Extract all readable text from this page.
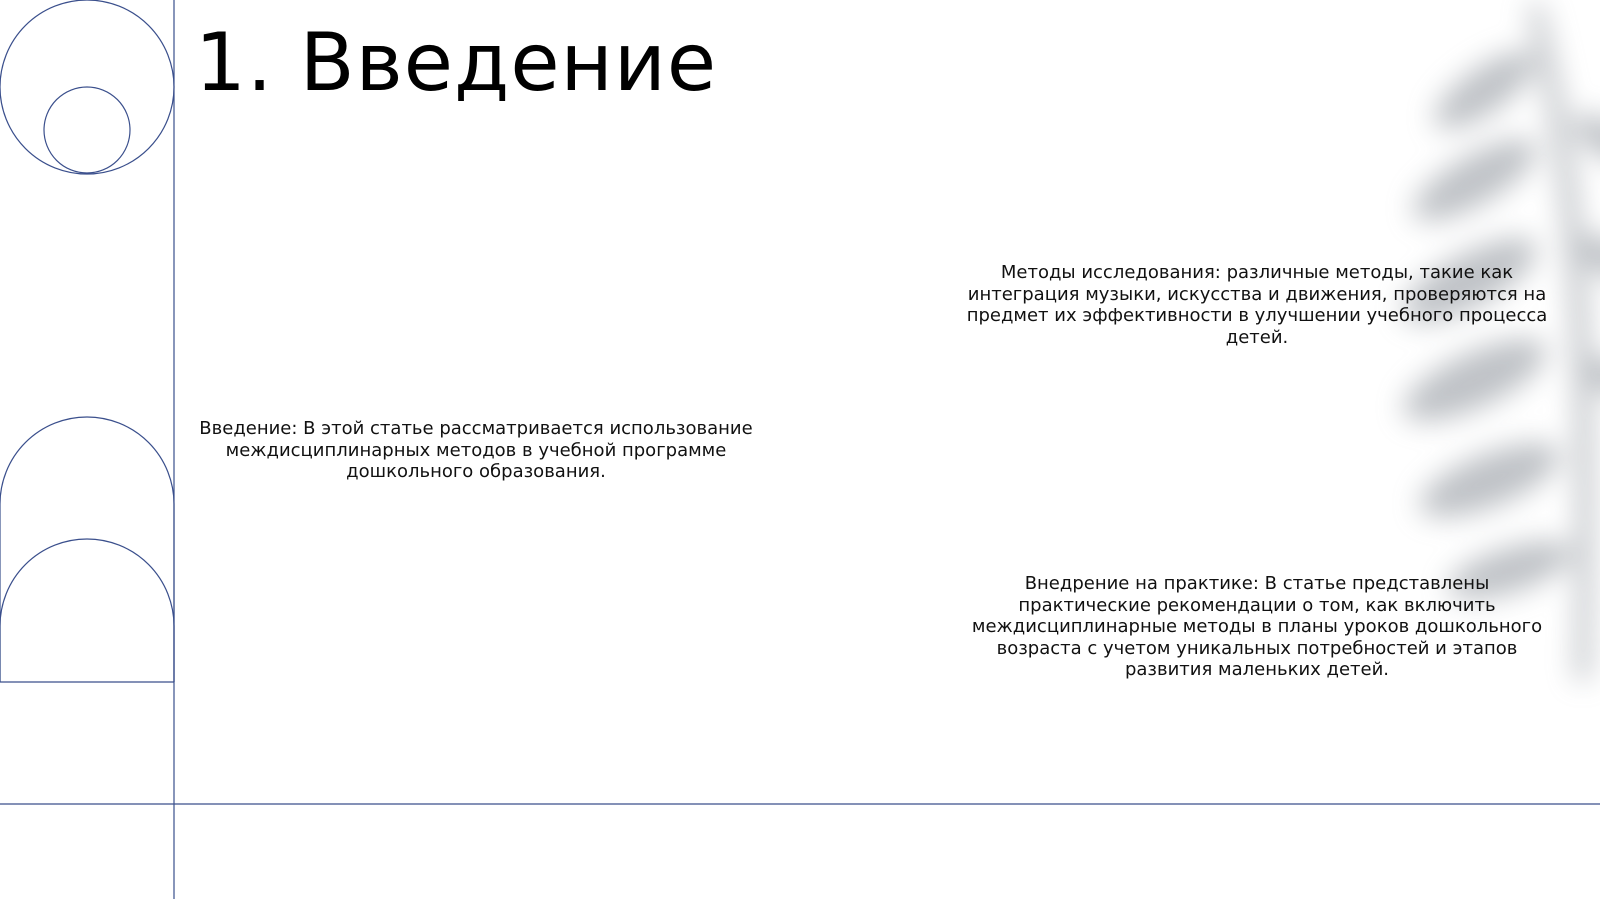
1. Введение

Введение: В этой статье рассматривается использование междисциплинарных методов в учебной программе дошкольного образования.

Методы исследования: различные методы, такие как интеграция музыки, искусства и движения, проверяются на предмет их эффективности в улучшении учебного процесса детей.

Внедрение на практике: В статье представлены практические рекомендации о том, как включить междисциплинарные методы в планы уроков дошкольного возраста с учетом уникальных потребностей и этапов развития маленьких детей.
